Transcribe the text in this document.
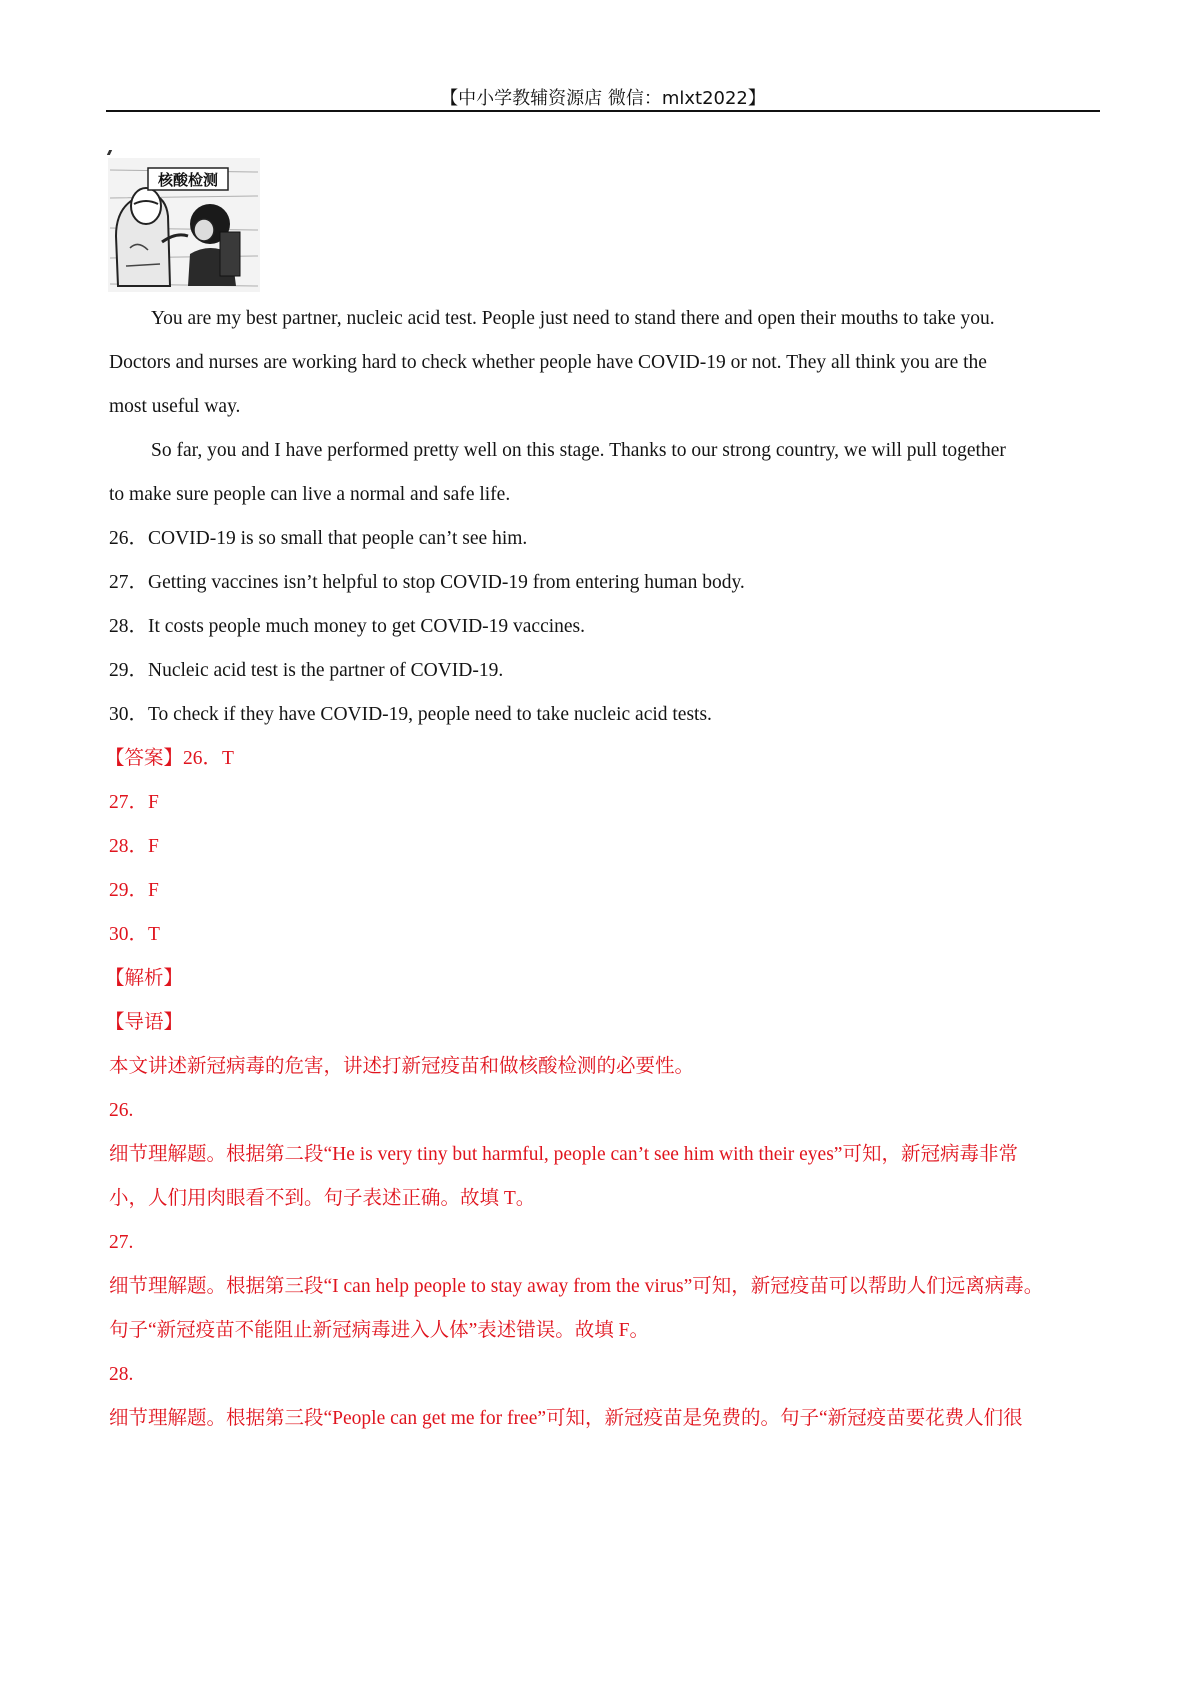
【中小学教辅资源店 微信：mlxt2022】
核酸检测
You are my best partner, nucleic acid test. People just need to stand there and open their mouths to take you.
Doctors and nurses are working hard to check whether people have COVID-19 or not. They all think you are the
most useful way.
So far, you and I have performed pretty well on this stage. Thanks to our strong country, we will pull together
to make sure people can live a normal and safe life.
26．COVID-19 is so small that people can’t see him.
27．Getting vaccines isn’t helpful to stop COVID-19 from entering human body.
28．It costs people much money to get COVID-19 vaccines.
29．Nucleic acid test is the partner of COVID-19.
30．To check if they have COVID-19, people need to take nucleic acid tests.
【答案】26．T
27．F
28．F
29．F
30．T
【解析】
【导语】
本文讲述新冠病毒的危害，讲述打新冠疫苗和做核酸检测的必要性。
26.
细节理解题。根据第二段“He is very tiny but harmful, people can’t see him with their eyes”可知，新冠病毒非常
小，人们用肉眼看不到。句子表述正确。故填 T。
27.
细节理解题。根据第三段“I can help people to stay away from the virus”可知，新冠疫苗可以帮助人们远离病毒。
句子“新冠疫苗不能阻止新冠病毒进入人体”表述错误。故填 F。
28.
细节理解题。根据第三段“People can get me for free”可知，新冠疫苗是免费的。句子“新冠疫苗要花费人们很
